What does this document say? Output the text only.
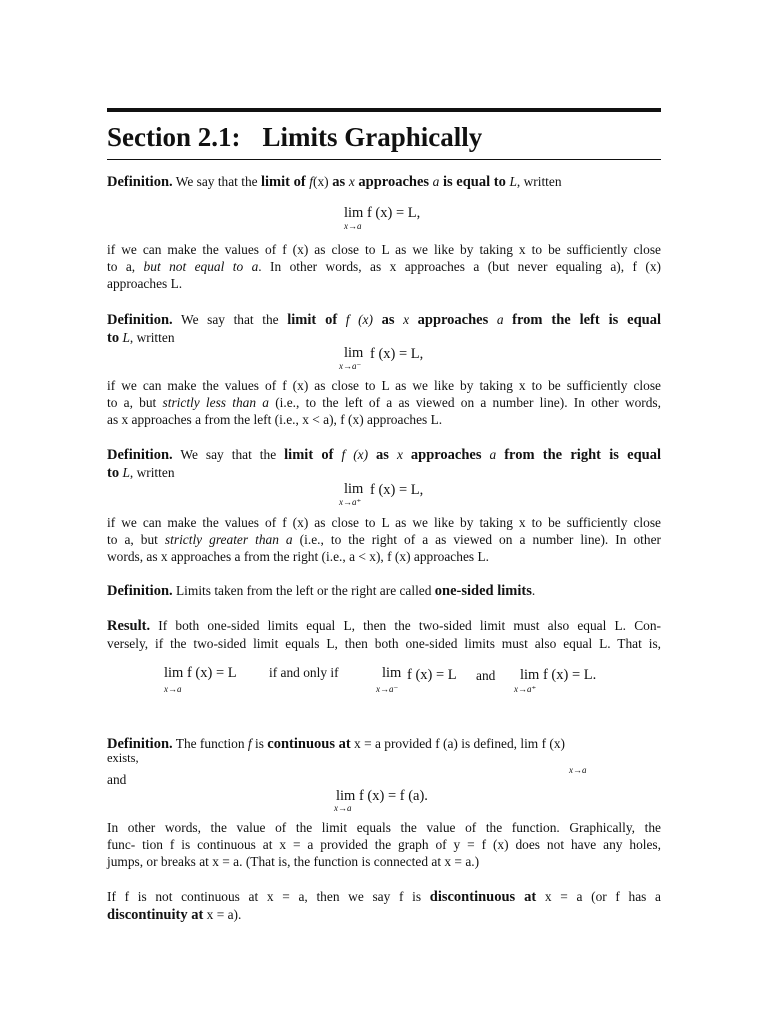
Section 2.1: Limits Graphically
Definition. We say that the limit of f(x) as x approaches a is equal to L, written
lim f (x) = L,
x→a
if we can make the values of f (x) as close to L as we like by taking x to be sufficiently close
to a, but not equal to a. In other words, as x approaches a (but never equaling a), f (x)
approaches L.
Definition. We say that the limit of f (x) as x approaches a from the left is equal
to L, written
lim f (x) = L,
x→a⁻
if we can make the values of f (x) as close to L as we like by taking x to be sufficiently close
to a, but strictly less than a (i.e., to the left of a as viewed on a number line). In other words,
as x approaches a from the left (i.e., x < a), f (x) approaches L.
Definition. We say that the limit of f (x) as x approaches a from the right is equal
to L, written
lim f (x) = L,
x→a⁺
if we can make the values of f (x) as close to L as we like by taking x to be sufficiently close
to a, but strictly greater than a (i.e., to the right of a as viewed on a number line). In other
words, as x approaches a from the right (i.e., a < x), f (x) approaches L.
Definition. Limits taken from the left or the right are called one-sided limits.
Result. If both one-sided limits equal L, then the two-sided limit must also equal L. Con-
versely, if the two-sided limit equals L, then both one-sided limits must also equal L. That is,
lim f (x) = L
x→a
if and only if	lim f (x) = L
x→a⁻
and lim f (x) = L.
x→a⁺
Definition. The function f is continuous at x = a provided f (a) is defined, lim f (x)
exists,
x→a
and
lim f (x) = f (a).
x→a
In other words, the value of the limit equals the value of the function. Graphically, the
func- tion f is continuous at x = a provided the graph of y = f (x) does not have any holes,
jumps, or breaks at x = a. (That is, the function is connected at x = a.)
If f is not continuous at x = a, then we say f is discontinuous at x = a (or f has a
discontinuity at x = a).
